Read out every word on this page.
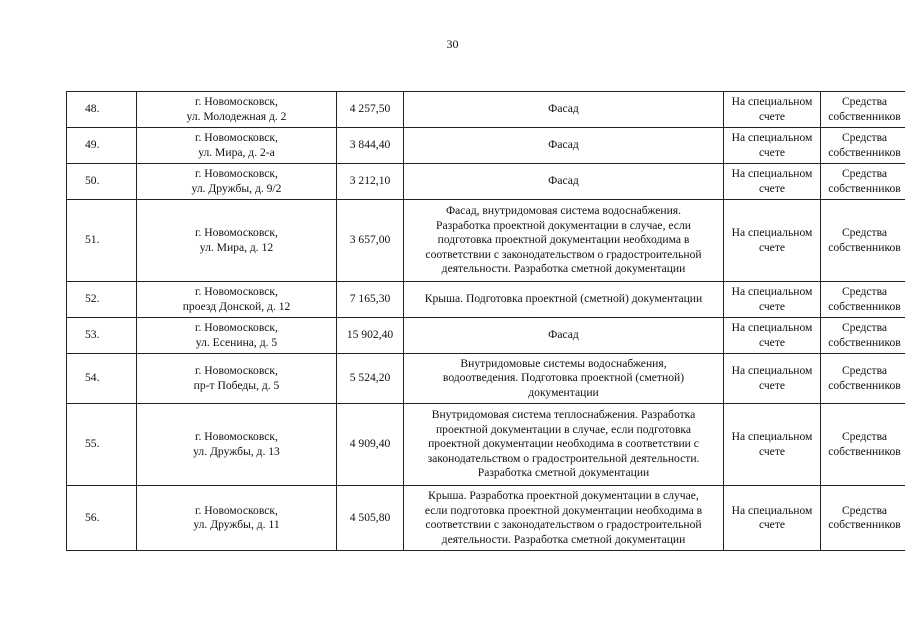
30
48.	г. Новомосковск,
ул. Молодежная д. 2	4 257,50	Фасад	На специальном
счете	Средства
собственников
49.	г. Новомосковск,
ул. Мира, д. 2-а	3 844,40	Фасад	На специальном
счете	Средства
собственников
50.	г. Новомосковск,
ул. Дружбы, д. 9/2	3 212,10	Фасад	На специальном
счете	Средства
собственников
51.	г. Новомосковск,
ул. Мира, д. 12	3 657,00	Фасад, внутридомовая система водоснабжения.
Разработка проектной документации в случае, если
подготовка проектной документации необходима в
соответствии с законодательством о градостроительной
деятельности. Разработка сметной документации	На специальном
счете	Средства
собственников
52.	г. Новомосковск,
проезд Донской, д. 12	7 165,30	Крыша. Подготовка проектной (сметной) документации	На специальном
счете	Средства
собственников
53.	г. Новомосковск,
ул. Есенина, д. 5	15 902,40	Фасад	На специальном
счете	Средства
собственников
54.	г. Новомосковск,
пр-т Победы, д. 5	5 524,20	Внутридомовые системы водоснабжения,
водоотведения. Подготовка проектной (сметной)
документации	На специальном
счете	Средства
собственников
55.	г. Новомосковск,
ул. Дружбы, д. 13	4 909,40	Внутридомовая система теплоснабжения. Разработка
проектной документации в случае, если подготовка
проектной документации необходима в соответствии с
законодательством о градостроительной деятельности.
Разработка сметной документации	На специальном
счете	Средства
собственников
56.	г. Новомосковск,
ул. Дружбы, д. 11	4 505,80	Крыша. Разработка проектной документации в случае,
если подготовка проектной документации необходима в
соответствии с законодательством о градостроительной
деятельности. Разработка сметной документации	На специальном
счете	Средства
собственников
